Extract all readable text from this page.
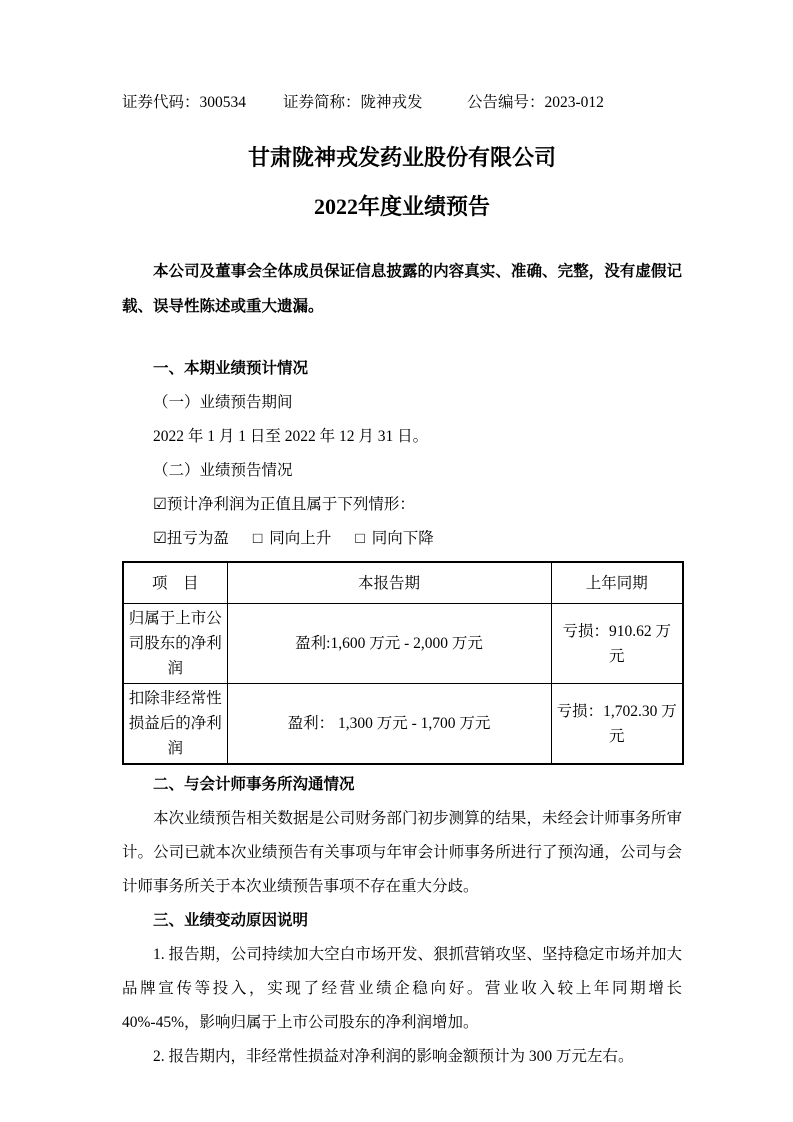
证券代码：300534	证券简称：陇神戎发	公告编号：2023-012
甘肃陇神戎发药业股份有限公司
2022年度业绩预告

本公司及董事会全体成员保证信息披露的内容真实、准确、完整，没有虚假记载、误导性陈述或重大遗漏。

一、本期业绩预计情况

（一）业绩预告期间

2022 年 1 月 1 日至 2022 年 12 月 31 日。

（二）业绩预告情况

☑预计净利润为正值且属于下列情形：

☑扭亏为盈 □ 同向上升 □ 同向下降

项　目	本报告期	上年同期
归属于上市公司股东的净利润	盈利:1,600 万元 - 2,000 万元	亏损：910.62 万元
扣除非经常性损益后的净利润	盈利： 1,300 万元 - 1,700 万元	亏损：1,702.30 万元
二、与会计师事务所沟通情况

本次业绩预告相关数据是公司财务部门初步测算的结果，未经会计师事务所审计。公司已就本次业绩预告有关事项与年审会计师事务所进行了预沟通，公司与会计师事务所关于本次业绩预告事项不存在重大分歧。

三、业绩变动原因说明

1. 报告期，公司持续加大空白市场开发、狠抓营销攻坚、坚持稳定市场并加大品牌宣传等投入，实现了经营业绩企稳向好。营业收入较上年同期增长 40%-45%，影响归属于上市公司股东的净利润增加。

2. 报告期内，非经常性损益对净利润的影响金额预计为 300 万元左右。
